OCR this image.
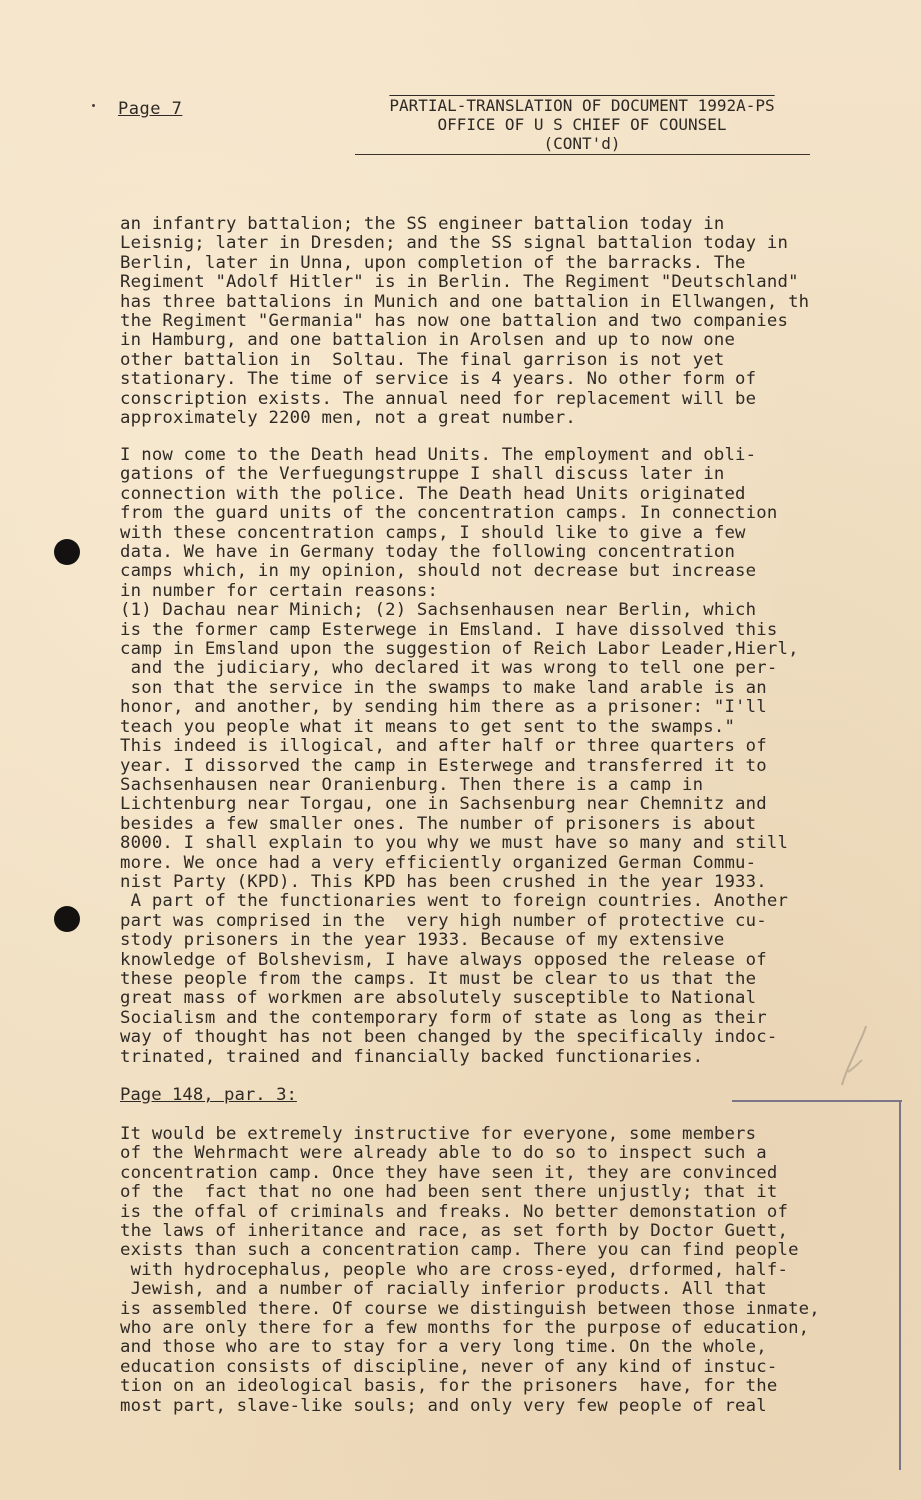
Page 7	PARTIAL-TRANSLATION OF DOCUMENT 1992A-PS
OFFICE OF U S CHIEF OF COUNSEL
(CONT'd)
an infantry battalion; the SS engineer battalion today in
Leisnig; later in Dresden; and the SS signal battalion today in
Berlin, later in Unna, upon completion of the barracks. The
Regiment "Adolf Hitler" is in Berlin. The Regiment "Deutschland"
has three battalions in Munich and one battalion in Ellwangen, th
the Regiment "Germania" has now one battalion and two companies
in Hamburg, and one battalion in Arolsen and up to now one
other battalion in  Soltau. The final garrison is not yet
stationary. The time of service is 4 years. No other form of
conscription exists. The annual need for replacement will be
approximately 2200 men, not a great number.
I now come to the Death head Units. The employment and obli-
gations of the Verfuegungstruppe I shall discuss later in
connection with the police. The Death head Units originated
from the guard units of the concentration camps. In connection
with these concentration camps, I should like to give a few
data. We have in Germany today the following concentration
camps which, in my opinion, should not decrease but increase
in number for certain reasons:
(1) Dachau near Minich; (2) Sachsenhausen near Berlin, which
is the former camp Esterwege in Emsland. I have dissolved this
camp in Emsland upon the suggestion of Reich Labor Leader,Hierl,
and the judiciary, who declared it was wrong to tell one per-
son that the service in the swamps to make land arable is an
honor, and another, by sending him there as a prisoner: "I'll
teach you people what it means to get sent to the swamps."
This indeed is illogical, and after half or three quarters of
year. I dissorved the camp in Esterwege and transferred it to
Sachsenhausen near Oranienburg. Then there is a camp in
Lichtenburg near Torgau, one in Sachsenburg near Chemnitz and
besides a few smaller ones. The number of prisoners is about
8000. I shall explain to you why we must have so many and still
more. We once had a very efficiently organized German Commu-
nist Party (KPD). This KPD has been crushed in the year 1933.
A part of the functionaries went to foreign countries. Another
part was comprised in the  very high number of protective cu-
stody prisoners in the year 1933. Because of my extensive
knowledge of Bolshevism, I have always opposed the release of
these people from the camps. It must be clear to us that the
great mass of workmen are absolutely susceptible to National
Socialism and the contemporary form of state as long as their
way of thought has not been changed by the specifically indoc-
trinated, trained and financially backed functionaries.
Page 148, par. 3:
It would be extremely instructive for everyone, some members
of the Wehrmacht were already able to do so to inspect such a
concentration camp. Once they have seen it, they are convinced
of the  fact that no one had been sent there unjustly; that it
is the offal of criminals and freaks. No better demonstation of
the laws of inheritance and race, as set forth by Doctor Guett,
exists than such a concentration camp. There you can find people
with hydrocephalus, people who are cross-eyed, drformed, half-
Jewish, and a number of racially inferior products. All that
is assembled there. Of course we distinguish between those inmate,
who are only there for a few months for the purpose of education,
and those who are to stay for a very long time. On the whole,
education consists of discipline, never of any kind of instuc-
tion on an ideological basis, for the prisoners  have, for the
most part, slave-like souls; and only very few people of real
